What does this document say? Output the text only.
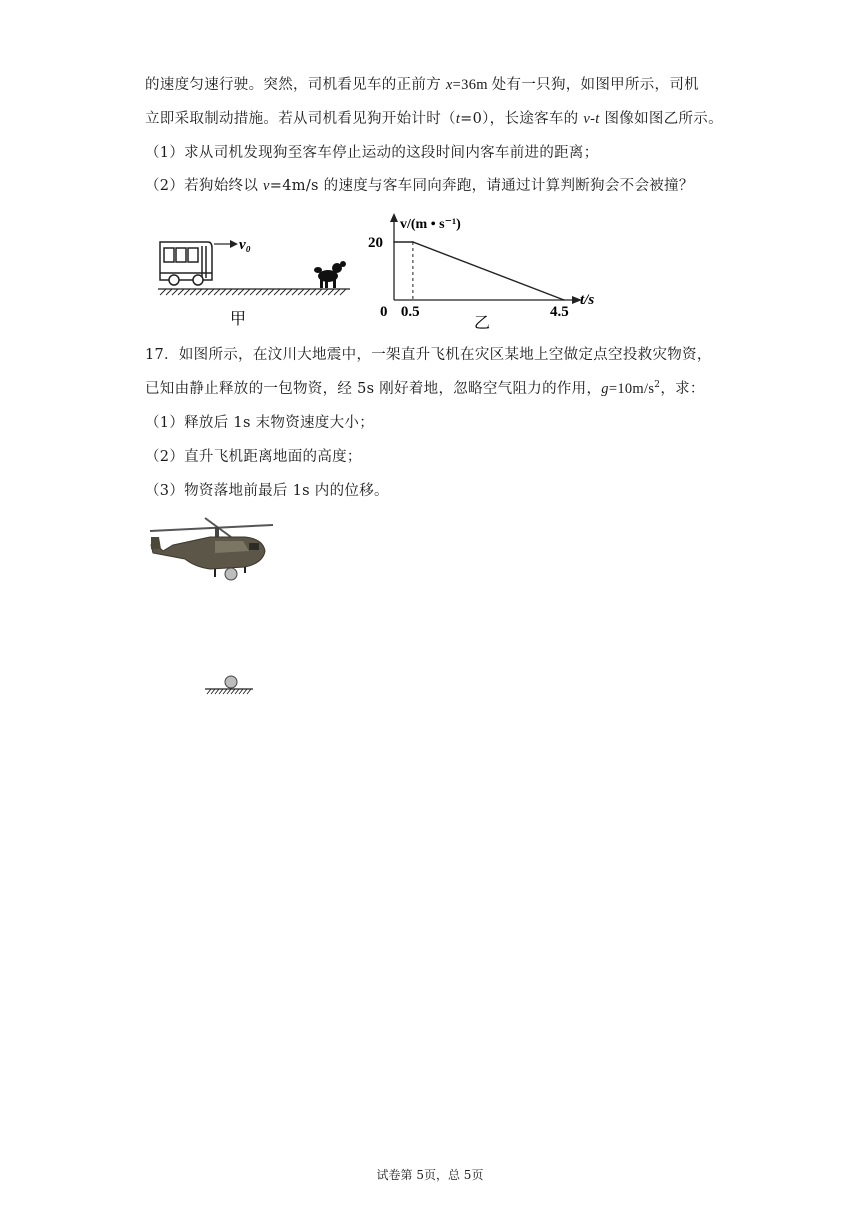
的速度匀速行驶。突然，司机看见车的正前方 x=36m 处有一只狗，如图甲所示，司机
立即采取制动措施。若从司机看见狗开始计时（t=0），长途客车的 v-t 图像如图乙所示。
（1）求从司机发现狗至客车停止运动的这段时间内客车前进的距离；
（2）若狗始终以 v=4m/s 的速度与客车同向奔跑，请通过计算判断狗会不会被撞？
v₀
甲
v/(m • s⁻¹)
t/s
20
0 0.5	4.5
乙
17．如图所示，在汶川大地震中，一架直升飞机在灾区某地上空做定点空投救灾物资，
已知由静止释放的一包物资，经 5s 刚好着地，忽略空气阻力的作用，$g=10m/s^2$，求：
（1）释放后 1s 末物资速度大小；
（2）直升飞机距离地面的高度；
（3）物资落地前最后 1s 内的位移。
试卷第 5页，总 5页
